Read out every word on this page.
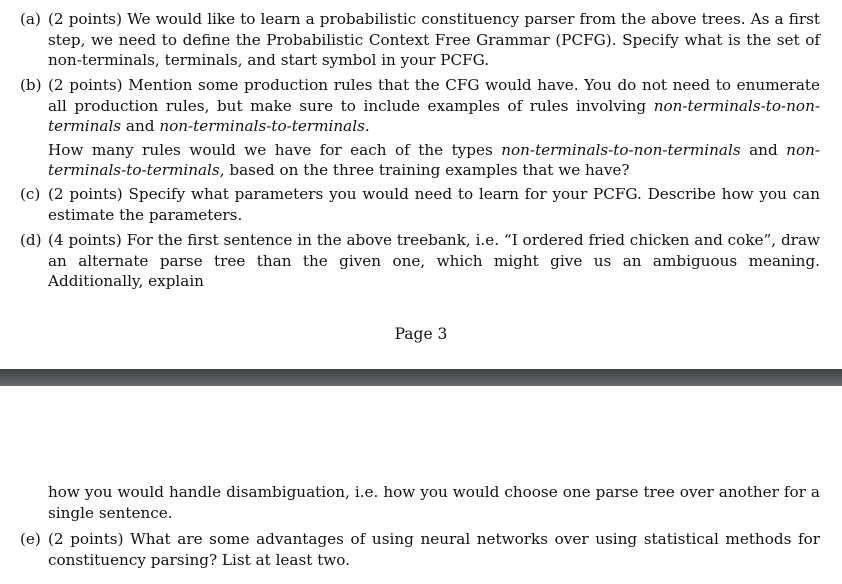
(a) (2 points) We would like to learn a probabilistic constituency parser from the above trees. As a first step, we need to define the Probabilistic Context Free Grammar (PCFG). Specify what is the set of non-terminals, terminals, and start symbol in your PCFG.
(b) (2 points) Mention some production rules that the CFG would have. You do not need to enumerate all production rules, but make sure to include examples of rules involving non-terminals-to-non-terminals and non-terminals-to-terminals.
How many rules would we have for each of the types non-terminals-to-non-terminals and non-terminals-to-terminals, based on the three training examples that we have?
(c) (2 points) Specify what parameters you would need to learn for your PCFG. Describe how you can estimate the parameters.
(d) (4 points) For the first sentence in the above treebank, i.e. “I ordered fried chicken and coke”, draw an alternate parse tree than the given one, which might give us an ambiguous meaning. Additionally, explain
Page 3
how you would handle disambiguation, i.e. how you would choose one parse tree over another for a single sentence.
(e) (2 points) What are some advantages of using neural networks over using statistical methods for constituency parsing? List at least two.
